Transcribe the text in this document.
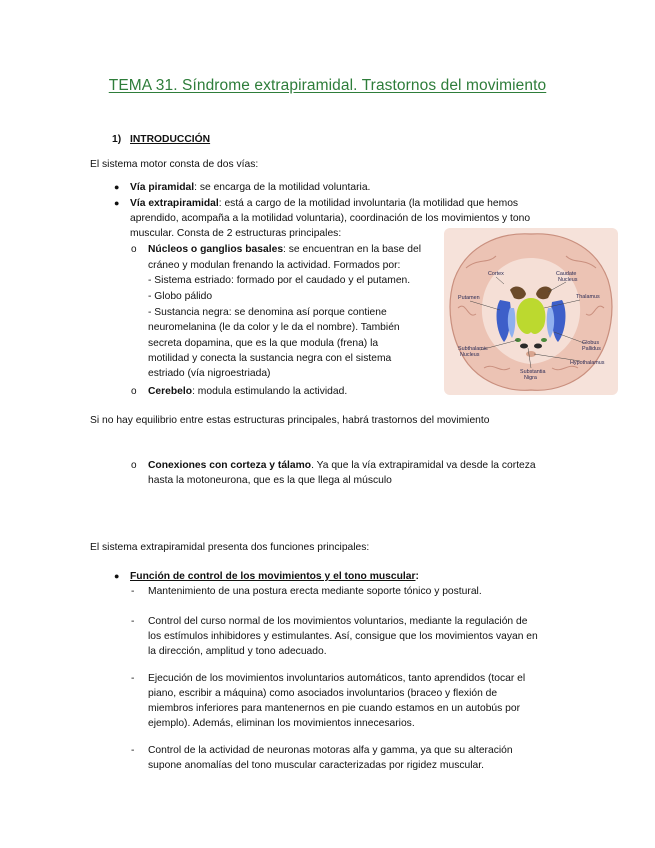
TEMA 31. Síndrome extrapiramidal. Trastornos del movimiento
1) INTRODUCCIÓN
El sistema motor consta de dos vías:
● Vía piramidal: se encarga de la motilidad voluntaria.
● Vía extrapiramidal: está a cargo de la motilidad involuntaria (la motilidad que hemos
aprendido, acompaña a la motilidad voluntaria), coordinación de los movimientos y tono
muscular. Consta de 2 estructuras principales:
o Núcleos o ganglios basales: se encuentran en la base del
cráneo y modulan frenando la actividad. Formados por:
- Sistema estriado: formado por el caudado y el putamen.
- Globo pálido
- Sustancia negra: se denomina así porque contiene
neuromelanina (le da color y le da el nombre). También
secreta dopamina, que es la que modula (frena) la
motilidad y conecta la sustancia negra con el sistema
estriado (vía nigroestriada)
o Cerebelo: modula estimulando la actividad.
Si no hay equilibrio entre estas estructuras principales, habrá trastornos del movimiento
o Conexiones con corteza y tálamo. Ya que la vía extrapiramidal va desde la corteza
hasta la motoneurona, que es la que llega al músculo
El sistema extrapiramidal presenta dos funciones principales:
● Función de control de los movimientos y el tono muscular:
- Mantenimiento de una postura erecta mediante soporte tónico y postural.
- Control del curso normal de los movimientos voluntarios, mediante la regulación de
los estímulos inhibidores y estimulantes. Así, consigue que los movimientos vayan en
la dirección, amplitud y tono adecuado.
- Ejecución de los movimientos involuntarios automáticos, tanto aprendidos (tocar el
piano, escribir a máquina) como asociados involuntarios (braceo y flexión de
miembros inferiores para mantenernos en pie cuando estamos en un autobús por
ejemplo). Además, eliminan los movimientos innecesarios.
- Control de la actividad de neuronas motoras alfa y gamma, ya que su alteración
supone anomalías del tono muscular caracterizadas por rigidez muscular.
Cortex	Caudate
Nucleus
Thalamus
Putamen
Globus
Pallidus
Subthalamic
Nucleus
Substantia
Nigra
Hypothalamus
